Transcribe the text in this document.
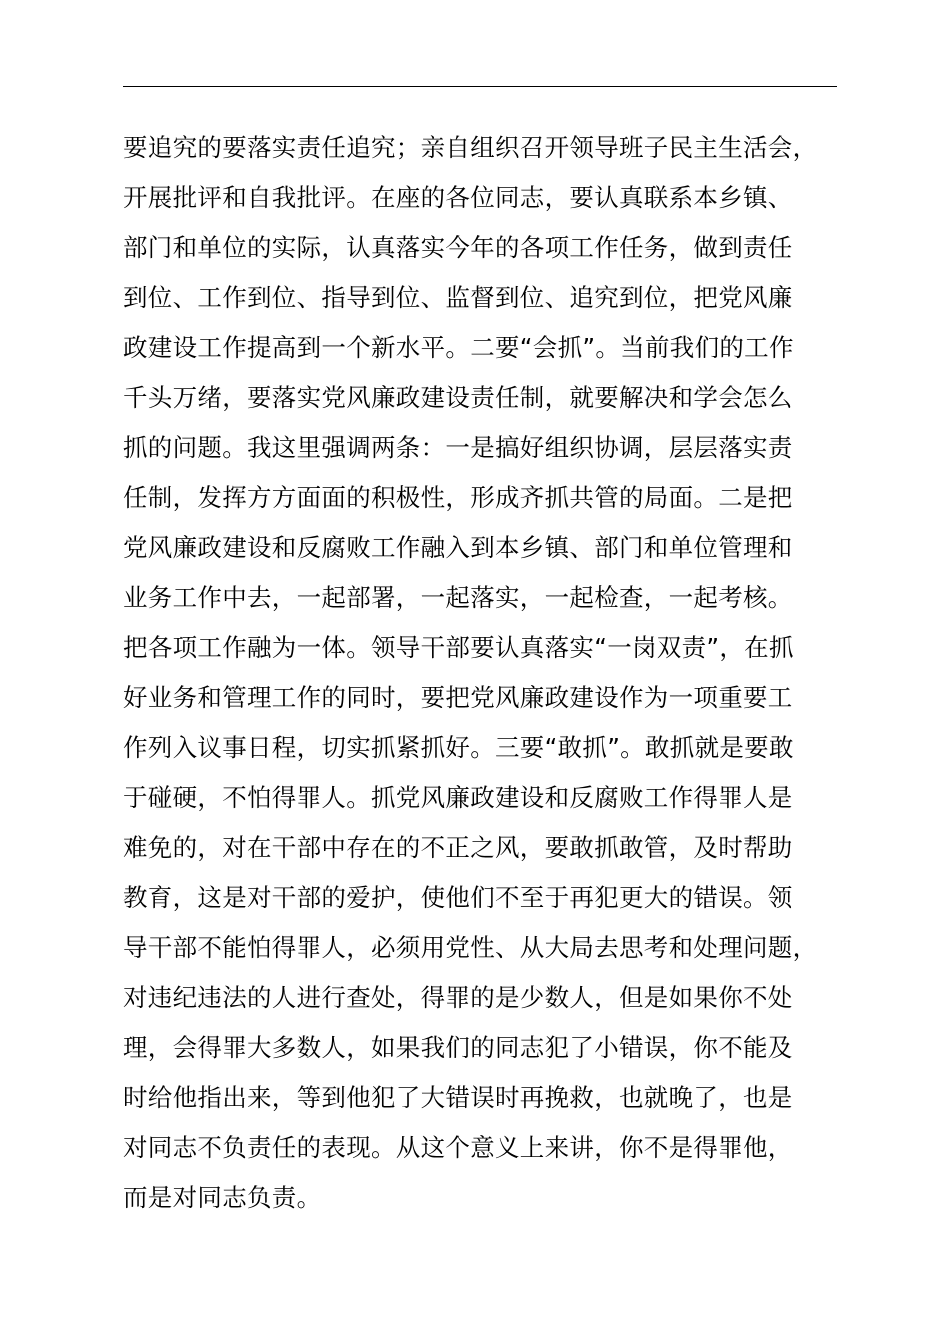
要追究的要落实责任追究；亲自组织召开领导班子民主生活会，
开展批评和自我批评。在座的各位同志，要认真联系本乡镇、
部门和单位的实际，认真落实今年的各项工作任务，做到责任
到位、工作到位、指导到位、监督到位、追究到位，把党风廉
政建设工作提高到一个新水平。二要“会抓”。当前我们的工作
千头万绪，要落实党风廉政建设责任制，就要解决和学会怎么
抓的问题。我这里强调两条：一是搞好组织协调，层层落实责
任制，发挥方方面面的积极性，形成齐抓共管的局面。二是把
党风廉政建设和反腐败工作融入到本乡镇、部门和单位管理和
业务工作中去，一起部署，一起落实，一起检查，一起考核。
把各项工作融为一体。领导干部要认真落实“一岗双责”，在抓
好业务和管理工作的同时，要把党风廉政建设作为一项重要工
作列入议事日程，切实抓紧抓好。三要“敢抓”。敢抓就是要敢
于碰硬，不怕得罪人。抓党风廉政建设和反腐败工作得罪人是
难免的，对在干部中存在的不正之风，要敢抓敢管，及时帮助
教育，这是对干部的爱护，使他们不至于再犯更大的错误。领
导干部不能怕得罪人，必须用党性、从大局去思考和处理问题，
对违纪违法的人进行查处，得罪的是少数人，但是如果你不处
理，会得罪大多数人，如果我们的同志犯了小错误，你不能及
时给他指出来，等到他犯了大错误时再挽救，也就晚了，也是
对同志不负责任的表现。从这个意义上来讲，你不是得罪他，
而是对同志负责。
